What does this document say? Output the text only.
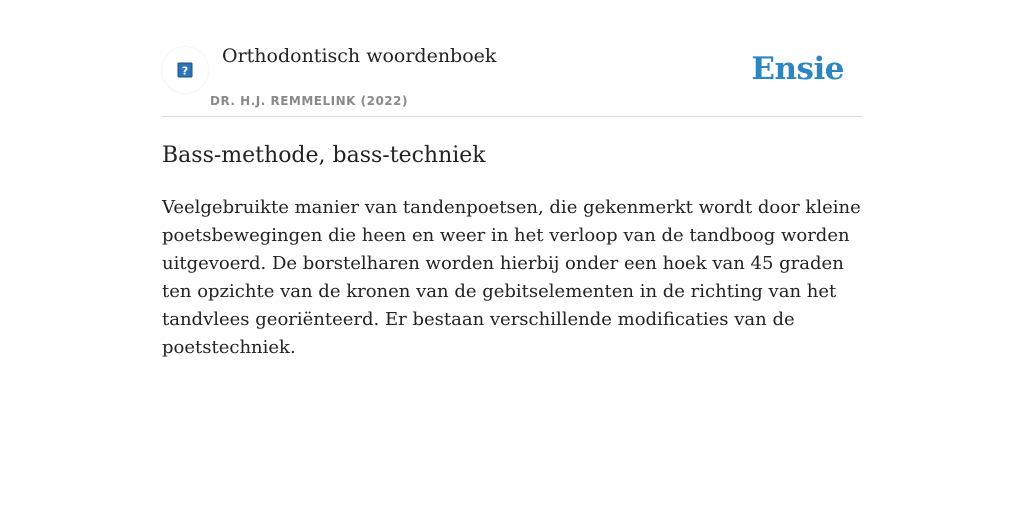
?
Orthodontisch woordenboek
DR. H.J. REMMELINK (2022)
Ensie
Bass-methode, bass-techniek

Veelgebruikte manier van tandenpoetsen, die gekenmerkt wordt door kleine poetsbewegingen die heen en weer in het verloop van de tandboog worden uitgevoerd. De borstelharen worden hierbij onder een hoek van 45 graden ten opzichte van de kronen van de gebitselementen in de richting van het tandvlees georiënteerd. Er bestaan verschillende modificaties van de poetstechniek.
